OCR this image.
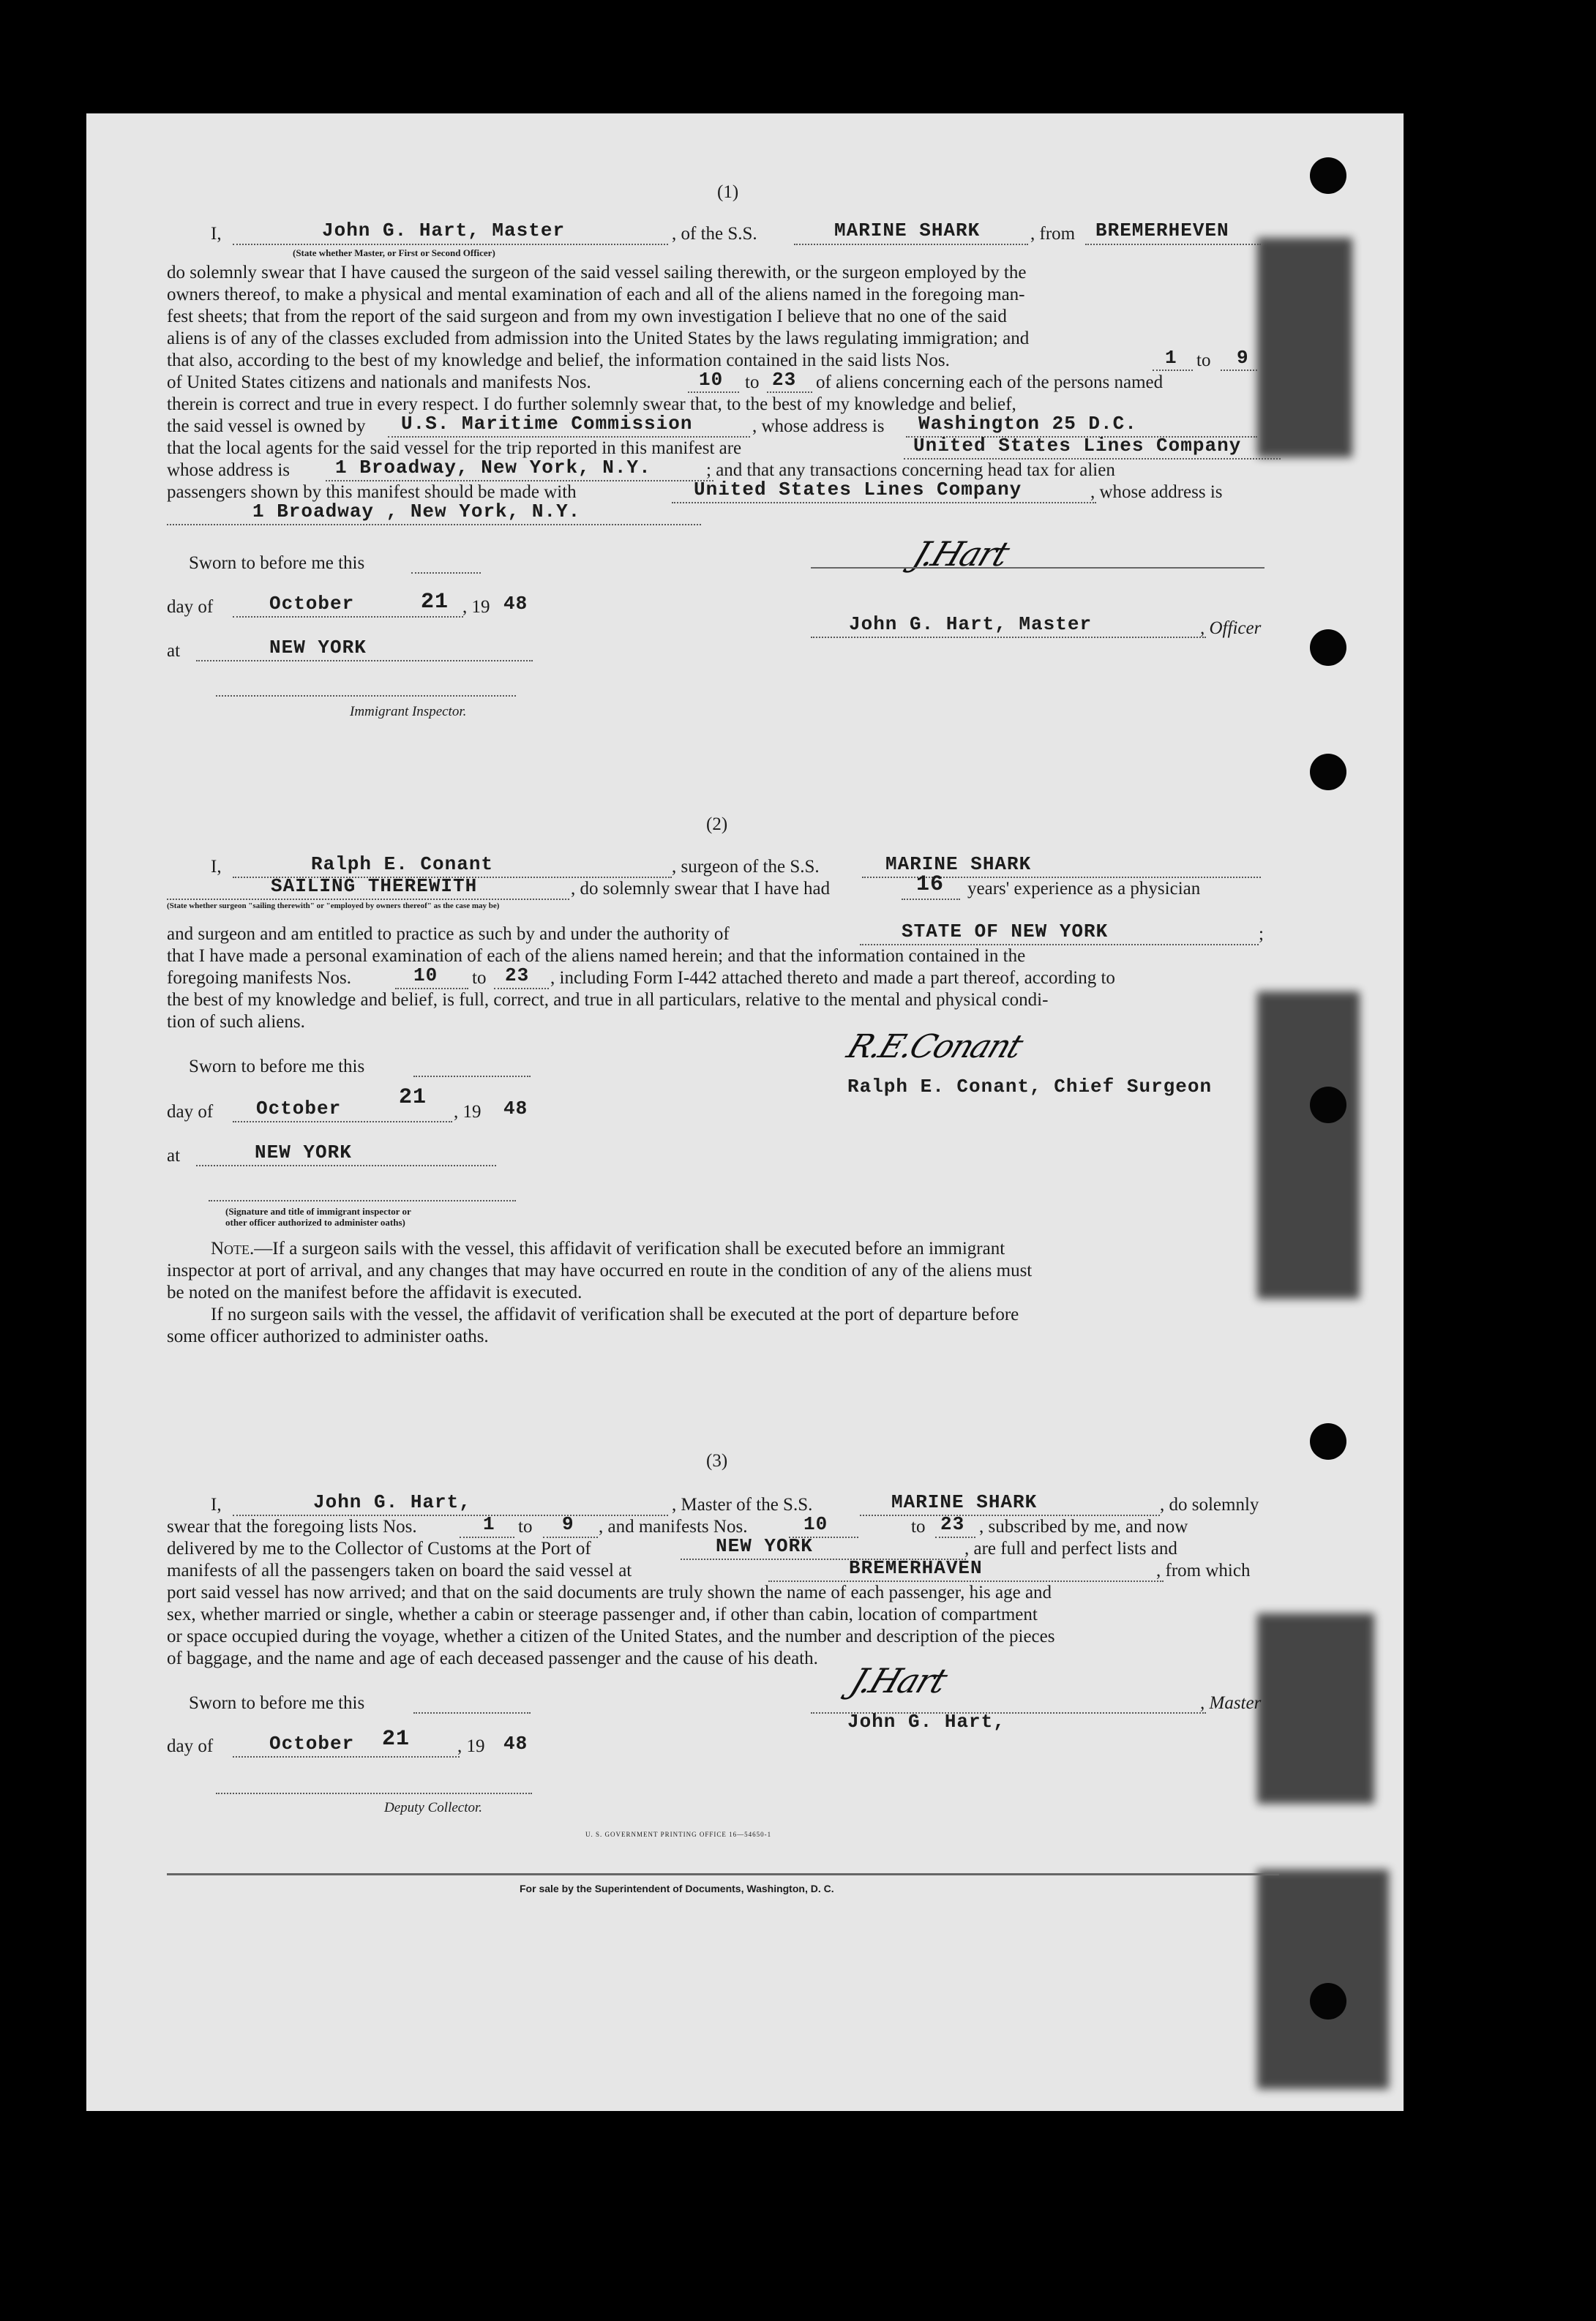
(1)
I,	John G. Hart, Master	, of the S.S.	MARINE SHARK	, from BREMERHEVEN
(State whether Master, or First or Second Officer)
do solemnly swear that I have caused the surgeon of the said vessel sailing therewith, or the surgeon employed by the
owners thereof, to make a physical and mental examination of each and all of the aliens named in the foregoing man-
fest sheets; that from the report of the said surgeon and from my own investigation I believe that no one of the said
aliens is of any of the classes excluded from admission into the United States by the laws regulating immigration; and
that also, according to the best of my knowledge and belief, the information contained in the said lists Nos.	1 to 9
of United States citizens and nationals and manifests Nos.	10 to 23 of aliens concerning each of the persons named
therein is correct and true in every respect. I do further solemnly swear that, to the best of my knowledge and belief,
the said vessel is owned by U.S. Maritime Commission	, whose address is Washington 25 D.C.
that the local agents for the said vessel for the trip reported in this manifest are	United States Lines Company
whose address is 1 Broadway, New York, N.Y.	; and that any transactions concerning head tax for alien
passengers shown by this manifest should be made with	United States Lines Company	, whose address is
1 Broadway , New York, N.Y.
Sworn to before me this
day of	October	21 , 19 48
at	NEW YORK
Immigrant Inspector.
J.Hart
John G. Hart, Master	, Officer
(2)
I,	Ralph E. Conant	, surgeon of the S.S.	MARINE SHARK
SAILING THEREWITH	, do solemnly swear that I have had	16 years' experience as a physician
(State whether surgeon "sailing therewith" or "employed by owners thereof" as the case may be)
and surgeon and am entitled to practice as such by and under the authority of	STATE OF NEW YORK	;
that I have made a personal examination of each of the aliens named herein; and that the information contained in the
foregoing manifests Nos.	10 to 23 , including Form I-442 attached thereto and made a part thereof, according to
the best of my knowledge and belief, is full, correct, and true in all particulars, relative to the mental and physical condi-
tion of such aliens.
Sworn to before me this
day of October	21
, 19 48
at	NEW YORK
(Signature and title of immigrant inspector or
other officer authorized to administer oaths)
R.E.Conant
Ralph E. Conant, Chief Surgeon
Note.—If a surgeon sails with the vessel, this affidavit of verification shall be executed before an immigrant
inspector at port of arrival, and any changes that may have occurred en route in the condition of any of the aliens must
be noted on the manifest before the affidavit is executed.
If no surgeon sails with the vessel, the affidavit of verification shall be executed at the port of departure before
some officer authorized to administer oaths.
(3)
I,	John G. Hart,	, Master of the S.S.	MARINE SHARK	, do solemnly
swear that the foregoing lists Nos.	1 to 9 , and manifests Nos.	10	to 23 , subscribed by me, and now
delivered by me to the Collector of Customs at the Port of	NEW YORK	, are full and perfect lists and
manifests of all the passengers taken on board the said vessel at	BREMERHAVEN	, from which
port said vessel has now arrived; and that on the said documents are truly shown the name of each passenger, his age and
sex, whether married or single, whether a cabin or steerage passenger and, if other than cabin, location of compartment
or space occupied during the voyage, whether a citizen of the United States, and the number and description of the pieces
of baggage, and the name and age of each deceased passenger and the cause of his death.
Sworn to before me this
J.Hart
, Master
John G. Hart,
day of	October 21	, 19 48
Deputy Collector.
U. S. GOVERNMENT PRINTING OFFICE 16—54650-1
For sale by the Superintendent of Documents, Washington, D. C.
